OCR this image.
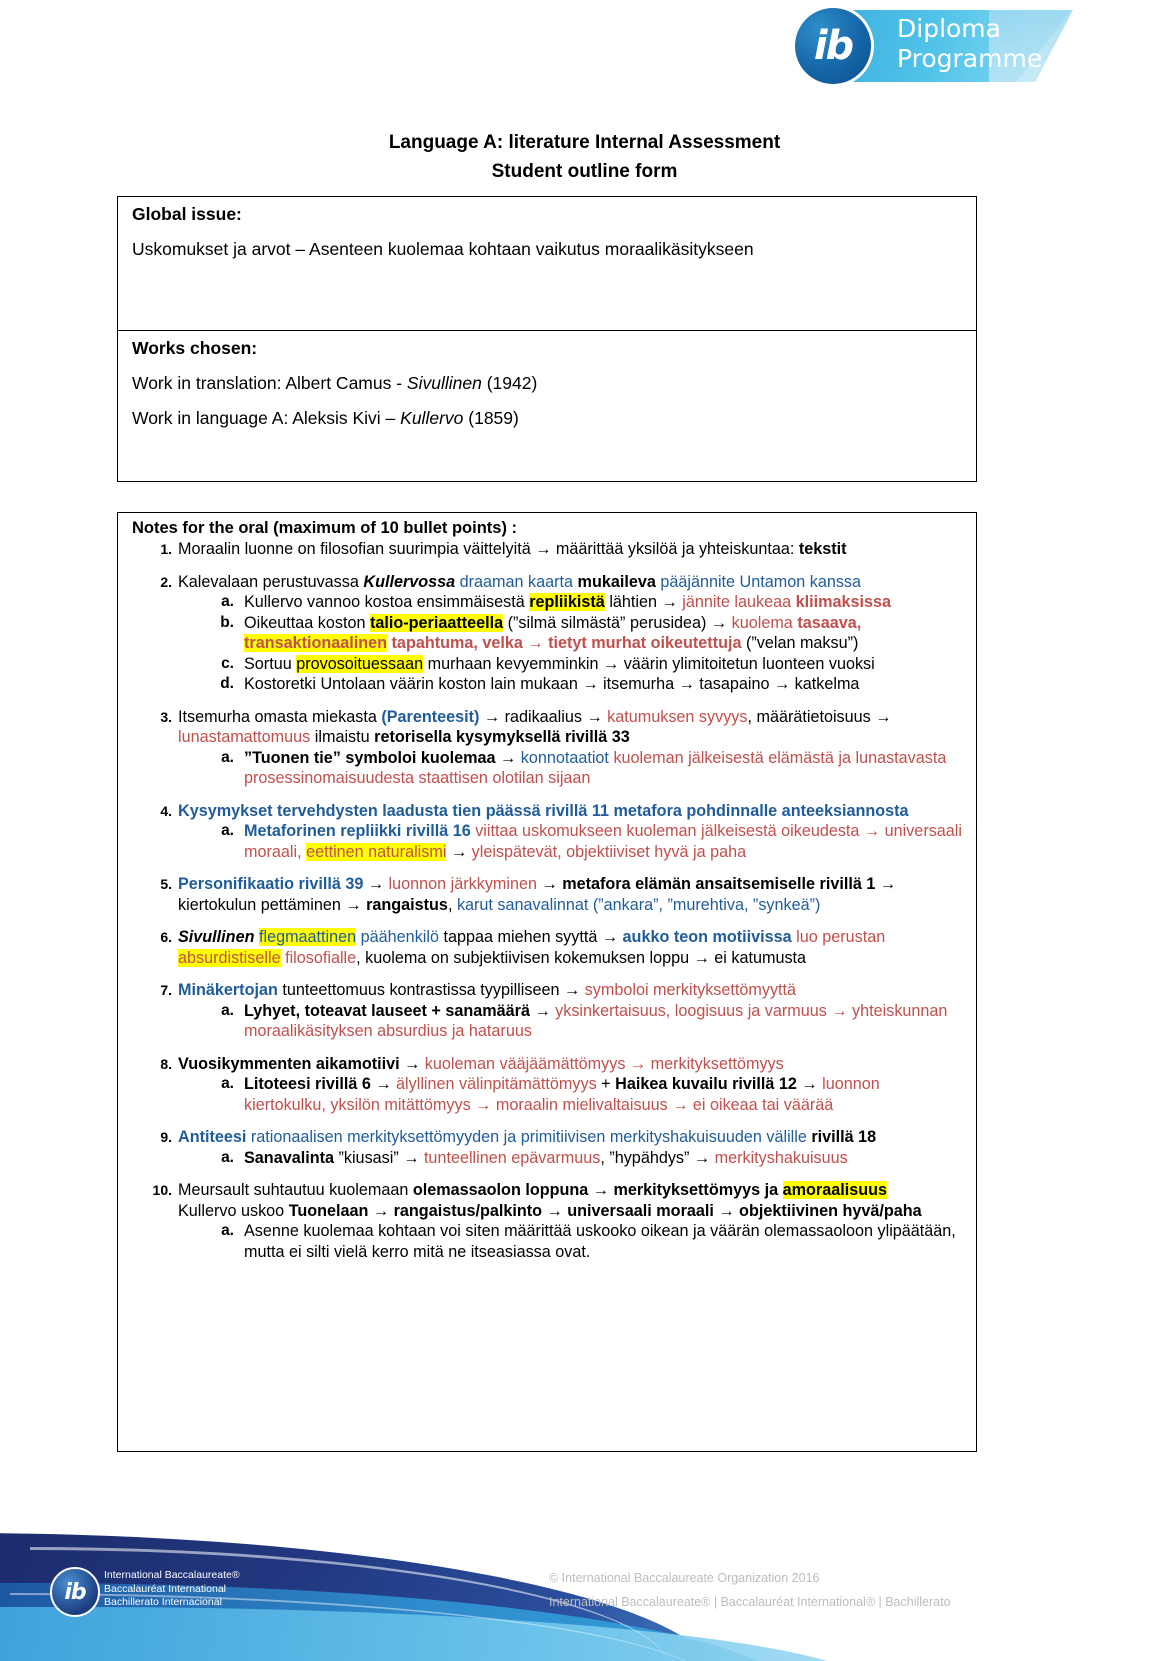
Diploma
Programme
ib
Language A: literature Internal Assessment
Student outline form
Global issue:
Uskomukset ja arvot – Asenteen kuolemaa kohtaan vaikutus moraalikäsitykseen
Works chosen:
Work in translation: Albert Camus - Sivullinen (1942)
Work in language A: Aleksis Kivi – Kullervo (1859)
Notes for the oral (maximum of 10 bullet points) :
1. Moraalin luonne on filosofian suurimpia väittelyitä → määrittää yksilöä ja yhteiskuntaa: tekstit
2. Kalevalaan perustuvassa Kullervossa draaman kaarta mukaileva pääjännite Untamon kanssa
a. Kullervo vannoo kostoa ensimmäisestä repliikistä lähtien → jännite laukeaa kliimaksissa
b. Oikeuttaa koston talio-periaatteella (”silmä silmästä” perusidea) → kuolema tasaava, transaktionaalinen tapahtuma, velka → tietyt murhat oikeutettuja (”velan maksu”)
c. Sortuu provosoituessaan murhaan kevyemminkin → väärin ylimitoitetun luonteen vuoksi
d. Kostoretki Untolaan väärin koston lain mukaan → itsemurha → tasapaino → katkelma
3. Itsemurha omasta miekasta (Parenteesit) → radikaalius → katumuksen syvyys, määrätietoisuus → lunastamattomuus ilmaistu retorisella kysymyksellä rivillä 33
a. ”Tuonen tie” symboloi kuolemaa → konnotaatiot kuoleman jälkeisestä elämästä ja lunastavasta prosessinomaisuudesta staattisen olotilan sijaan
4. Kysymykset tervehdysten laadusta tien päässä rivillä 11 metafora pohdinnalle anteeksiannosta
a. Metaforinen repliikki rivillä 16 viittaa uskomukseen kuoleman jälkeisestä oikeudesta → universaali moraali, eettinen naturalismi → yleispätevät, objektiiviset hyvä ja paha
5. Personifikaatio rivillä 39 → luonnon järkkyminen → metafora elämän ansaitsemiselle rivillä 1 → kiertokulun pettäminen → rangaistus, karut sanavalinnat (”ankara”, ”murehtiva, ”synkeä”)
6. Sivullinen flegmaattinen päähenkilö tappaa miehen syyttä → aukko teon motiivissa luo perustan absurdistiselle filosofialle, kuolema on subjektiivisen kokemuksen loppu → ei katumusta
7. Minäkertojan tunteettomuus kontrastissa tyypilliseen → symboloi merkityksettömyyttä
a. Lyhyet, toteavat lauseet + sanamäärä → yksinkertaisuus, loogisuus ja varmuus → yhteiskunnan moraalikäsityksen absurdius ja hataruus
8. Vuosikymmenten aikamotiivi → kuoleman vääjäämättömyys → merkityksettömyys
a. Litoteesi rivillä 6 → älyllinen välinpitämättömyys + Haikea kuvailu rivillä 12 → luonnon kiertokulku, yksilön mitättömyys → moraalin mielivaltaisuus → ei oikeaa tai väärää
9. Antiteesi rationaalisen merkityksettömyyden ja primitiivisen merkityshakuisuuden välille rivillä 18
a. Sanavalinta ”kiusasi” → tunteellinen epävarmuus, ”hypähdys” → merkityshakuisuus
10. Meursault suhtautuu kuolemaan olemassaolon loppuna → merkityksettömyys ja amoraalisuus
Kullervo uskoo Tuonelaan → rangaistus/palkinto → universaali moraali → objektiivinen hyvä/paha
a. Asenne kuolemaa kohtaan voi siten määrittää uskooko oikean ja väärän olemassaoloon ylipäätään, mutta ei silti vielä kerro mitä ne itseasiassa ovat.
ib
International Baccalaureate®
Baccalauréat International
Bachillerato Internacional
© International Baccalaureate Organization 2016
International Baccalaureate® | Baccalauréat International® | Bachillerato
